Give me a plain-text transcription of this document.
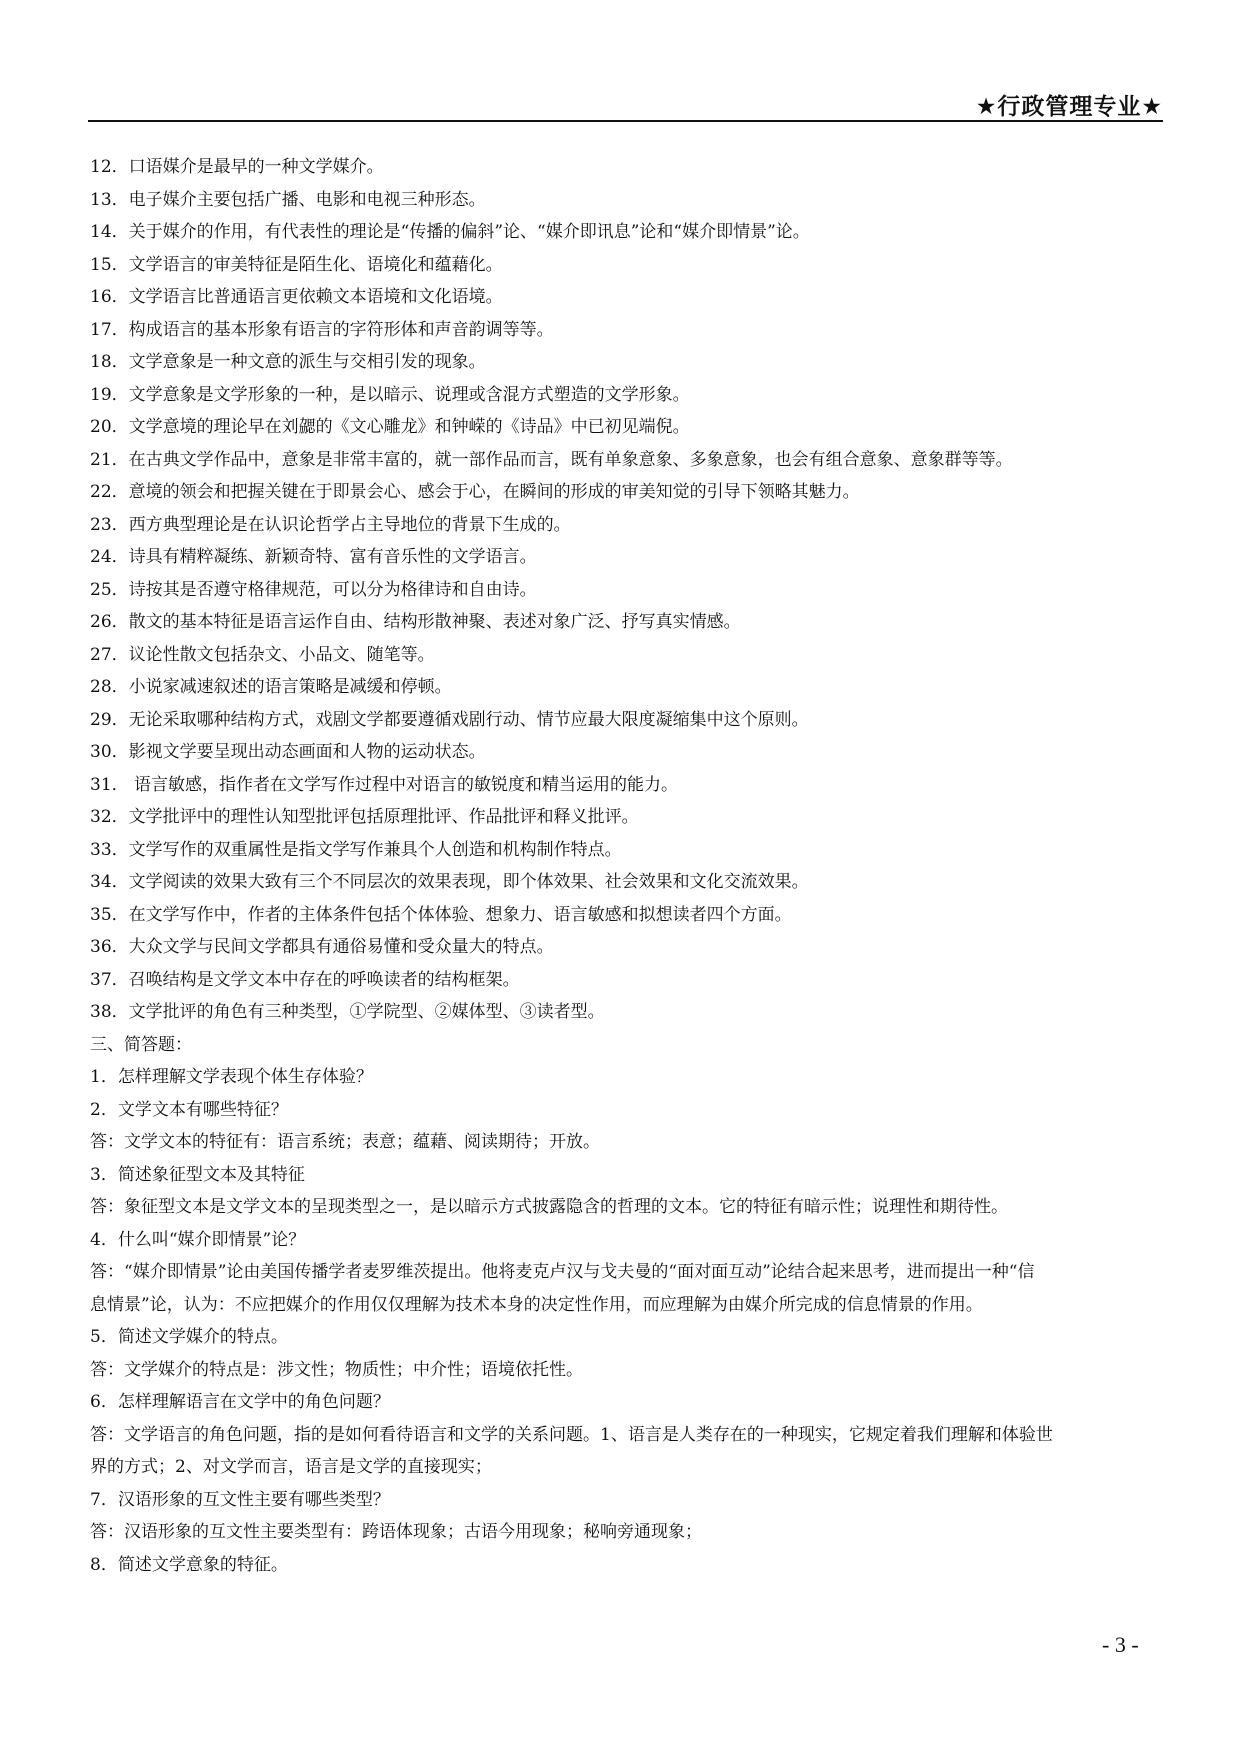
★行政管理专业★
12．口语媒介是最早的一种文学媒介。
13．电子媒介主要包括广播、电影和电视三种形态。
14．关于媒介的作用，有代表性的理论是“传播的偏斜”论、“媒介即讯息”论和“媒介即情景”论。
15．文学语言的审美特征是陌生化、语境化和蕴藉化。
16．文学语言比普通语言更依赖文本语境和文化语境。
17．构成语言的基本形象有语言的字符形体和声音韵调等等。
18．文学意象是一种文意的派生与交相引发的现象。
19．文学意象是文学形象的一种，是以暗示、说理或含混方式塑造的文学形象。
20．文学意境的理论早在刘勰的《文心雕龙》和钟嵘的《诗品》中已初见端倪。
21．在古典文学作品中，意象是非常丰富的，就一部作品而言，既有单象意象、多象意象，也会有组合意象、意象群等等。
22．意境的领会和把握关键在于即景会心、感会于心，在瞬间的形成的审美知觉的引导下领略其魅力。
23．西方典型理论是在认识论哲学占主导地位的背景下生成的。
24．诗具有精粹凝练、新颖奇特、富有音乐性的文学语言。
25．诗按其是否遵守格律规范，可以分为格律诗和自由诗。
26．散文的基本特征是语言运作自由、结构形散神聚、表述对象广泛、抒写真实情感。
27．议论性散文包括杂文、小品文、随笔等。
28．小说家减速叙述的语言策略是减缓和停顿。
29．无论采取哪种结构方式，戏剧文学都要遵循戏剧行动、情节应最大限度凝缩集中这个原则。
30．影视文学要呈现出动态画面和人物的运动状态。
31． 语言敏感，指作者在文学写作过程中对语言的敏锐度和精当运用的能力。
32．文学批评中的理性认知型批评包括原理批评、作品批评和释义批评。
33．文学写作的双重属性是指文学写作兼具个人创造和机构制作特点。
34．文学阅读的效果大致有三个不同层次的效果表现，即个体效果、社会效果和文化交流效果。
35．在文学写作中，作者的主体条件包括个体体验、想象力、语言敏感和拟想读者四个方面。
36．大众文学与民间文学都具有通俗易懂和受众量大的特点。
37．召唤结构是文学文本中存在的呼唤读者的结构框架。
38．文学批评的角色有三种类型，①学院型、②媒体型、③读者型。
三、简答题：
1．怎样理解文学表现个体生存体验？
2．文学文本有哪些特征？
答：文学文本的特征有：语言系统；表意；蕴藉、阅读期待；开放。
3．简述象征型文本及其特征
答：象征型文本是文学文本的呈现类型之一，是以暗示方式披露隐含的哲理的文本。它的特征有暗示性；说理性和期待性。
4．什么叫“媒介即情景”论？
答：“媒介即情景”论由美国传播学者麦罗维茨提出。他将麦克卢汉与戈夫曼的“面对面互动”论结合起来思考，进而提出一种“信
息情景”论，认为：不应把媒介的作用仅仅理解为技术本身的决定性作用，而应理解为由媒介所完成的信息情景的作用。
5．简述文学媒介的特点。
答：文学媒介的特点是：涉文性；物质性；中介性；语境依托性。
6．怎样理解语言在文学中的角色问题？
答：文学语言的角色问题，指的是如何看待语言和文学的关系问题。1、语言是人类存在的一种现实，它规定着我们理解和体验世
界的方式；2、对文学而言，语言是文学的直接现实；
7．汉语形象的互文性主要有哪些类型？
答：汉语形象的互文性主要类型有：跨语体现象；古语今用现象；秘响旁通现象；
8．简述文学意象的特征。
- 3 -
